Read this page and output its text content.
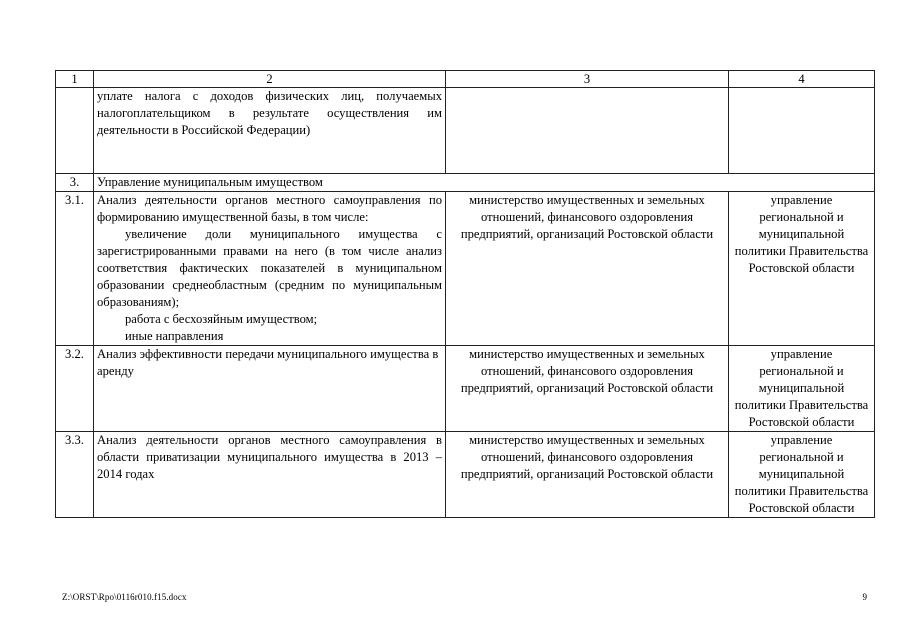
1	2	3	4

	уплате налога с доходов физических лиц, получаемых налогоплательщиком в результате осуществления им деятельности в Российской Федерации)		

3.	Управление муниципальным имуществом		
3.1.	Анализ деятельности органов местного самоуправления по формированию имущественной базы, в том числе:
увеличение доли муниципального имущества с зарегистрированными правами на него (в том числе анализ соответствия фактических показателей в муниципальном образовании среднеобластным (средним по муниципальным образованиям);
работа с бесхозяйным имуществом;
иные направления	министерство имущественных и земельных отношений, финансового оздоровления предприятий, организаций Ростовской области	управление региональной и муниципальной политики Правительства Ростовской области
3.2.	Анализ эффективности передачи муниципального имущества в аренду	министерство имущественных и земельных отношений, финансового оздоровления предприятий, организаций Ростовской области	управление региональной и муниципальной политики Правительства Ростовской области
3.3.	Анализ деятельности органов местного самоуправления в области приватизации муниципального имущества в 2013 – 2014 годах	министерство имущественных и земельных отношений, финансового оздоровления предприятий, организаций Ростовской области	управление региональной и муниципальной политики Правительства Ростовской области
Z:\ORST\Rpo\0116r010.f15.docx	9
